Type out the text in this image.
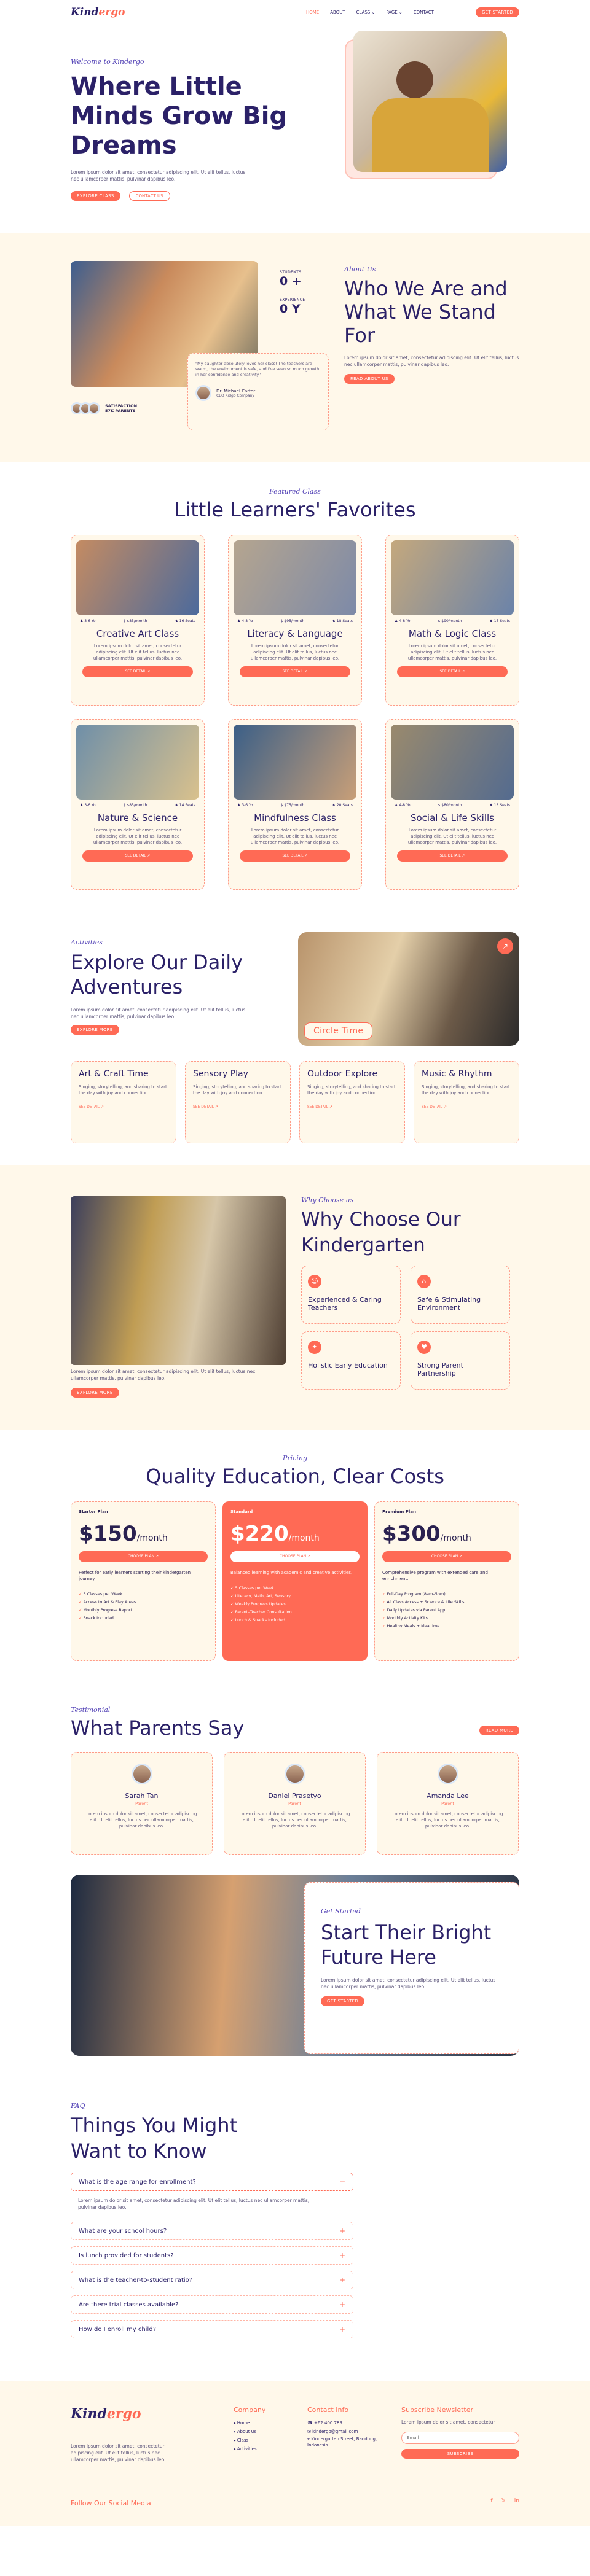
Kindergo	HOME	ABOUT	CLASS ⌄	PAGE ⌄	CONTACT	GET STARTED
Welcome to Kindergo
Where Little Minds Grow Big Dreams

Lorem ipsum dolor sit amet, consectetur adipiscing elit. Ut elit tellus, luctus nec ullamcorper mattis, pulvinar dapibus leo.

EXPLORE CLASS	CONTACT US
STUDENTS
0 +
EXPERIENCE
0 Y

"My daughter absolutely loves her class! The teachers are warm, the environment is safe, and I've seen so much growth in her confidence and creativity."

Dr. Michael Carter
CEO Kidgo Company
SATISFACTION
57K PARENTS
About Us
Who We Are and What We Stand For

Lorem ipsum dolor sit amet, consectetur adipiscing elit. Ut elit tellus, luctus nec ullamcorper mattis, pulvinar dapibus leo.

READ ABOUT US
Featured Class
Little Learners' Favorites
♟ 3-6 Yo	$ $85/month	♞ 16 Seats
Creative Art Class
Lorem ipsum dolor sit amet, consectetur adipiscing elit. Ut elit tellus, luctus nec ullamcorper mattis, pulvinar dapibus leo.
SEE DETAIL ↗
♟ 4-8 Yo	$ $95/month	♞ 18 Seats
Literacy & Language
Lorem ipsum dolor sit amet, consectetur adipiscing elit. Ut elit tellus, luctus nec ullamcorper mattis, pulvinar dapibus leo.
SEE DETAIL ↗
♟ 4-8 Yo	$ $90/month	♞ 15 Seats
Math & Logic Class
Lorem ipsum dolor sit amet, consectetur adipiscing elit. Ut elit tellus, luctus nec ullamcorper mattis, pulvinar dapibus leo.
SEE DETAIL ↗
♟ 3-6 Yo	$ $85/month	♞ 14 Seats
Nature & Science
Lorem ipsum dolor sit amet, consectetur adipiscing elit. Ut elit tellus, luctus nec ullamcorper mattis, pulvinar dapibus leo.
SEE DETAIL ↗
♟ 3-6 Yo	$ $75/month	♞ 20 Seats
Mindfulness Class
Lorem ipsum dolor sit amet, consectetur adipiscing elit. Ut elit tellus, luctus nec ullamcorper mattis, pulvinar dapibus leo.
SEE DETAIL ↗
♟ 4-8 Yo	$ $80/month	♞ 18 Seats
Social & Life Skills
Lorem ipsum dolor sit amet, consectetur adipiscing elit. Ut elit tellus, luctus nec ullamcorper mattis, pulvinar dapibus leo.
SEE DETAIL ↗
Activities
Explore Our Daily Adventures

Lorem ipsum dolor sit amet, consectetur adipiscing elit. Ut elit tellus, luctus nec ullamcorper mattis, pulvinar dapibus leo.

EXPLORE MORE	Circle Time
↗
Art & Craft Time

Singing, storytelling, and sharing to start the day with joy and connection.

SEE DETAIL ↗
Sensory Play

Singing, storytelling, and sharing to start the day with joy and connection.

SEE DETAIL ↗
Outdoor Explore

Singing, storytelling, and sharing to start the day with joy and connection.

SEE DETAIL ↗
Music & Rhythm

Singing, storytelling, and sharing to start the day with joy and connection.

SEE DETAIL ↗

Lorem ipsum dolor sit amet, consectetur adipiscing elit. Ut elit tellus, luctus nec ullamcorper mattis, pulvinar dapibus leo.

EXPLORE MORE
Why Choose us
Why Choose Our Kindergarten
☺
Experienced & Caring Teachers
⌂
Safe & Stimulating Environment
✦
Holistic Early Education
♥
Strong Parent Partnership
Pricing
Quality Education, Clear Costs
Starter Plan
$150/month
CHOOSE PLAN ↗

Perfect for early learners starting their kindergarten journey.

✓ 3 Classes per Week
✓ Access to Art & Play Areas
✓ Monthly Progress Report
✓ Snack Included
Standard
$220/month
CHOOSE PLAN ↗

Balanced learning with academic and creative activities.

✓ 5 Classes per Week
✓ Literacy, Math, Art, Sensory
✓ Weekly Progress Updates
✓ Parent–Teacher Consultation
✓ Lunch & Snacks Included
Premium Plan
$300/month
CHOOSE PLAN ↗

Comprehensive program with extended care and enrichment.

✓ Full-Day Program (8am–5pm)
✓ All Class Access + Science & Life Skills
✓ Daily Updates via Parent App
✓ Monthly Activity Kits
✓ Healthy Meals + Mealtime
Testimonial
What Parents Say	READ MORE
Sarah Tan
Parent
Lorem ipsum dolor sit amet, consectetur adipiscing elit. Ut elit tellus, luctus nec ullamcorper mattis, pulvinar dapibus leo.
Daniel Prasetyo
Parent
Lorem ipsum dolor sit amet, consectetur adipiscing elit. Ut elit tellus, luctus nec ullamcorper mattis, pulvinar dapibus leo.
Amanda Lee
Parent
Lorem ipsum dolor sit amet, consectetur adipiscing elit. Ut elit tellus, luctus nec ullamcorper mattis, pulvinar dapibus leo.
Get Started
Start Their Bright Future Here

Lorem ipsum dolor sit amet, consectetur adipiscing elit. Ut elit tellus, luctus nec ullamcorper mattis, pulvinar dapibus leo.

GET STARTED
FAQ
Things You Might Want to Know
What is the age range for enrollment?	−

Lorem ipsum dolor sit amet, consectetur adipiscing elit. Ut elit tellus, luctus nec ullamcorper mattis, pulvinar dapibus leo.

What are your school hours?	+
Is lunch provided for students?	+
What is the teacher-to-student ratio?	+
Are there trial classes available?	+
How do I enroll my child?	+
Kindergo

Lorem ipsum dolor sit amet, consectetur adipiscing elit. Ut elit tellus, luctus nec ullamcorper mattis, pulvinar dapibus leo.

Company
▸ Home
▸ About Us
▸ Class
▸ Activities
Contact Info
☎ +62 400 789
✉ kindergo@gmail.com
⌖ Kindergarten Street, Bandung, Indonesia
Subscribe Newsletter

Lorem ipsum dolor sit amet, consectetur

Email
SUBSCRIBE
Follow Our Social Media	f 𝕏 in
